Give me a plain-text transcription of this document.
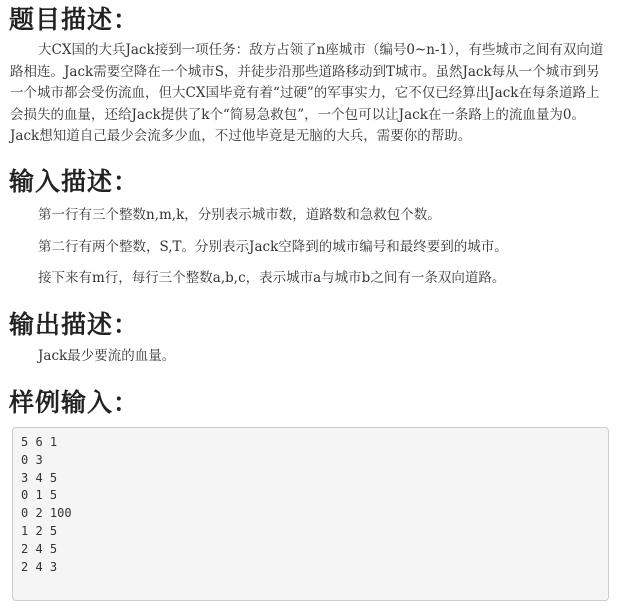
题目描述：

大CX国的大兵Jack接到一项任务：敌方占领了n座城市（编号0~n-1），有些城市之间有双向道路相连。Jack需要空降在一个城市S，并徒步沿那些道路移动到T城市。虽然Jack每从一个城市到另一个城市都会受伤流血，但大CX国毕竟有着“过硬”的军事实力，它不仅已经算出Jack在每条道路上会损失的血量，还给Jack提供了k个“简易急救包”，一个包可以让Jack在一条路上的流血量为0。Jack想知道自己最少会流多少血，不过他毕竟是无脑的大兵，需要你的帮助。

输入描述：

第一行有三个整数n,m,k，分别表示城市数，道路数和急救包个数。

第二行有两个整数，S,T。分别表示Jack空降到的城市编号和最终要到的城市。

接下来有m行，每行三个整数a,b,c，表示城市a与城市b之间有一条双向道路。

输出描述：

Jack最少要流的血量。

样例输入：
5 6 1
0 3
3 4 5
0 1 5
0 2 100
1 2 5
2 4 5
2 4 3
